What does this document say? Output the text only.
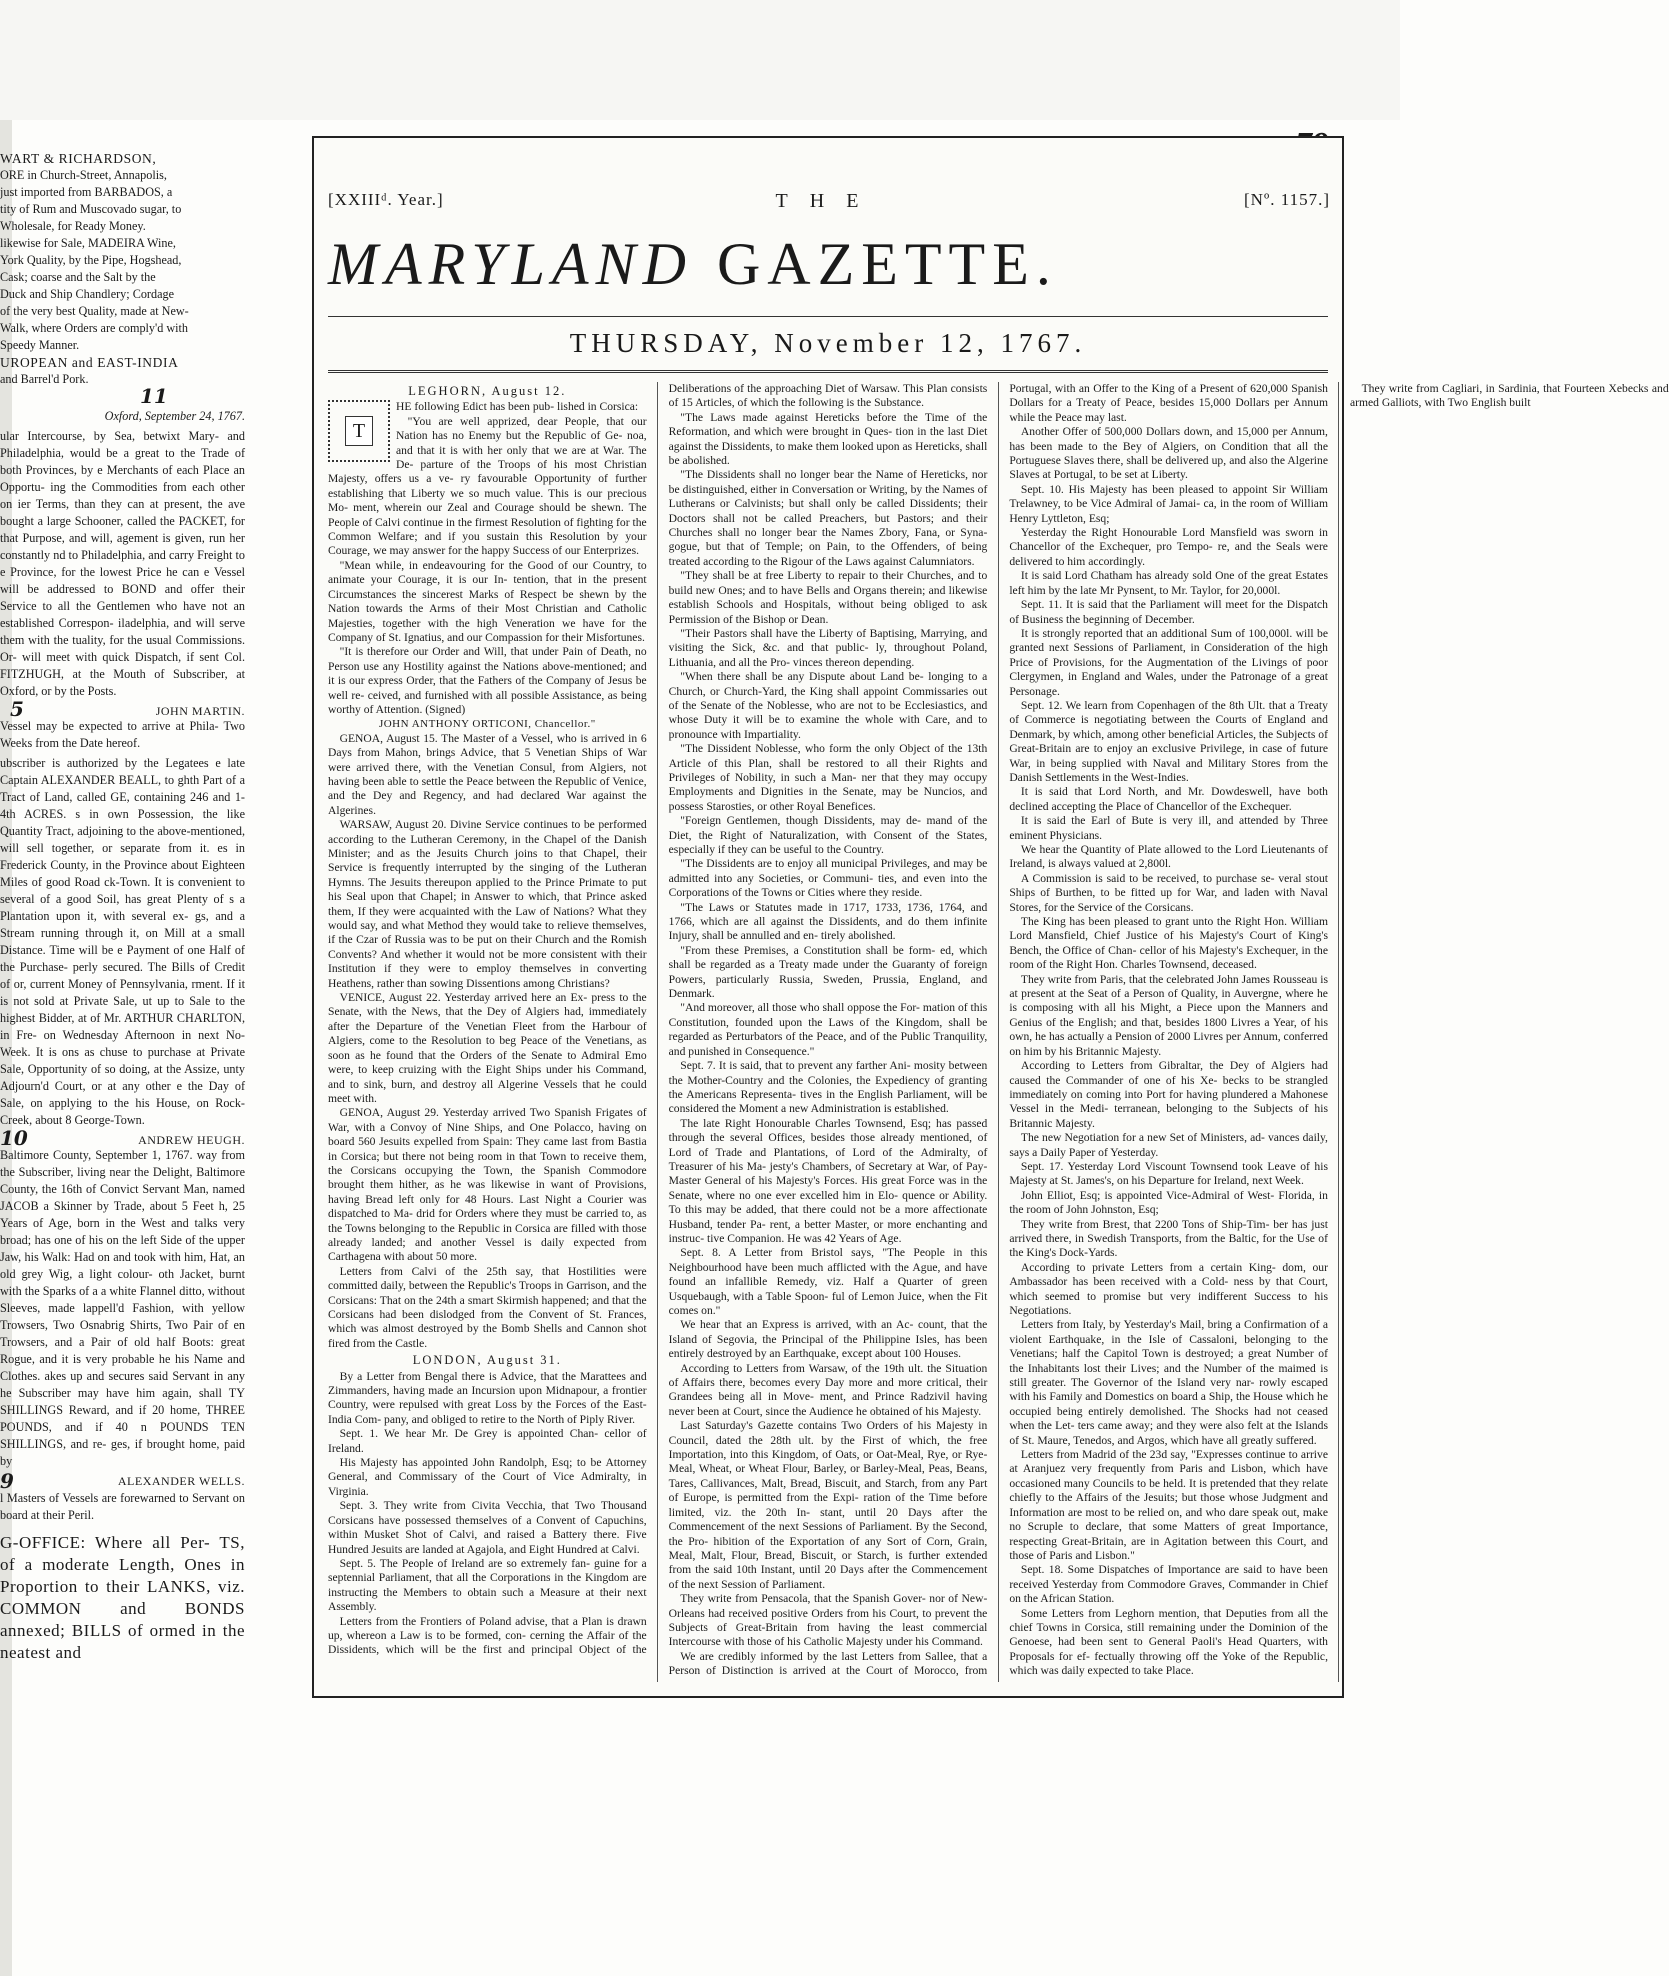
WART & RICHARDSON,

ORE in Church-Street, Annapolis,

just imported from BARBADOS, a

tity of Rum and Muscovado sugar, to

Wholesale, for Ready Money.

likewise for Sale, MADEIRA Wine,

York Quality, by the Pipe, Hogshead,

Cask; coarse and the Salt by the

Duck and Ship Chandlery; Cordage

of the very best Quality, made at New-

Walk, where Orders are comply'd with

Speedy Manner.

UROPEAN and EAST-INDIA

and Barrel'd Pork.

11

Oxford, September 24, 1767.

ular Intercourse, by Sea, betwixt Mary- and Philadelphia, would be a great to the Trade of both Provinces, by e Merchants of each Place an Opportu- ing the Commodities from each other on ier Terms, than they can at present, the ave bought a large Schooner, called the PACKET, for that Purpose, and will, agement is given, run her constantly nd to Philadelphia, and carry Freight to e Province, for the lowest Price he can e Vessel will be addressed to BOND and offer their Service to all the Gentlemen who have not an established Correspon- iladelphia, and will serve them with the tuality, for the usual Commissions. Or- will meet with quick Dispatch, if sent Col. FITZHUGH, at the Mouth of Subscriber, at Oxford, or by the Posts.

JOHN MARTIN.

5

Vessel may be expected to arrive at Phila- Two Weeks from the Date hereof.

ubscriber is authorized by the Legatees e late Captain ALEXANDER BEALL, to ghth Part of a Tract of Land, called GE, containing 246 and 1-4th ACRES. s in own Possession, the like Quantity Tract, adjoining to the above-mentioned, will sell together, or separate from it. es in Frederick County, in the Province about Eighteen Miles of good Road ck-Town. It is convenient to several of a good Soil, has great Plenty of s a Plantation upon it, with several ex- gs, and a Stream running through it, on Mill at a small Distance. Time will be e Payment of one Half of the Purchase- perly secured. The Bills of Credit of or, current Money of Pennsylvania, rment. If it is not sold at Private Sale, ut up to Sale to the highest Bidder, at of Mr. ARTHUR CHARLTON, in Fre- on Wednesday Afternoon in next No- Week. It is ons as chuse to purchase at Private Sale, Opportunity of so doing, at the Assize, unty Adjourn'd Court, or at any other e the Day of Sale, on applying to the his House, on Rock-Creek, about 8 George-Town.

ANDREW HEUGH.

10

Baltimore County, September 1, 1767. way from the Subscriber, living near the Delight, Baltimore County, the 16th of Convict Servant Man, named JACOB a Skinner by Trade, about 5 Feet h, 25 Years of Age, born in the West and talks very broad; has one of his on the left Side of the upper Jaw, his Walk: Had on and took with him, Hat, an old grey Wig, a light colour- oth Jacket, burnt with the Sparks of a a white Flannel ditto, without Sleeves, made lappell'd Fashion, with yellow Trowsers, Two Osnabrig Shirts, Two Pair of en Trowsers, and a Pair of old half Boots: great Rogue, and it is very probable he his Name and Clothes. akes up and secures said Servant in any he Subscriber may have him again, shall TY SHILLINGS Reward, and if 20 home, THREE POUNDS, and if 40 n POUNDS TEN SHILLINGS, and re- ges, if brought home, paid by

ALEXANDER WELLS.

9

l Masters of Vessels are forewarned to Servant on board at their Peril.

G-OFFICE: Where all Per- TS, of a moderate Length, Ones in Proportion to their LANKS, viz. COMMON and BONDS annexed; BILLS of ormed in the neatest and

[XXIIIᵈ. Year.]	THE	[Nº. 1157.]
MARYLAND GAZETTE.
THURSDAY, November 12, 1767.

LEGHORN, August 12.

T

HE following Edict has been pub- lished in Corsica:

"You are well apprized, dear People, that our Nation has no Enemy but the Republic of Ge- noa, and that it is with her only that we are at War. The De- parture of the Troops of his most Christian Majesty, offers us a ve- ry favourable Opportunity of further establishing that Liberty we so much value. This is our precious Mo- ment, wherein our Zeal and Courage should be shewn. The People of Calvi continue in the firmest Resolution of fighting for the Common Welfare; and if you sustain this Resolution by your Courage, we may answer for the happy Success of our Enterprizes.

"Mean while, in endeavouring for the Good of our Country, to animate your Courage, it is our In- tention, that in the present Circumstances the sincerest Marks of Respect be shewn by the Nation towards the Arms of their Most Christian and Catholic Majesties, together with the high Veneration we have for the Company of St. Ignatius, and our Compassion for their Misfortunes.

"It is therefore our Order and Will, that under Pain of Death, no Person use any Hostility against the Nations above-mentioned; and it is our express Order, that the Fathers of the Company of Jesus be well re- ceived, and furnished with all possible Assistance, as being worthy of Attention. (Signed)

JOHN ANTHONY ORTICONI, Chancellor."

GENOA, August 15. The Master of a Vessel, who is arrived in 6 Days from Mahon, brings Advice, that 5 Venetian Ships of War were arrived there, with the Venetian Consul, from Algiers, not having been able to settle the Peace between the Republic of Venice, and the Dey and Regency, and had declared War against the Algerines.

WARSAW, August 20. Divine Service continues to be performed according to the Lutheran Ceremony, in the Chapel of the Danish Minister; and as the Jesuits Church joins to that Chapel, their Service is frequently interrupted by the singing of the Lutheran Hymns. The Jesuits thereupon applied to the Prince Primate to put his Seal upon that Chapel; in Answer to which, that Prince asked them, If they were acquainted with the Law of Nations? What they would say, and what Method they would take to relieve themselves, if the Czar of Russia was to be put on their Church and the Romish Convents? And whether it would not be more consistent with their Institution if they were to employ themselves in converting Heathens, rather than sowing Dissentions among Christians?

VENICE, August 22. Yesterday arrived here an Ex- press to the Senate, with the News, that the Dey of Algiers had, immediately after the Departure of the Venetian Fleet from the Harbour of Algiers, come to the Resolution to beg Peace of the Venetians, as soon as he found that the Orders of the Senate to Admiral Emo were, to keep cruizing with the Eight Ships under his Command, and to sink, burn, and destroy all Algerine Vessels that he could meet with.

GENOA, August 29. Yesterday arrived Two Spanish Frigates of War, with a Convoy of Nine Ships, and One Polacco, having on board 560 Jesuits expelled from Spain: They came last from Bastia in Corsica; but there not being room in that Town to receive them, the Corsicans occupying the Town, the Spanish Commodore brought them hither, as he was likewise in want of Provisions, having Bread left only for 48 Hours. Last Night a Courier was dispatched to Ma- drid for Orders where they must be carried to, as the Towns belonging to the Republic in Corsica are filled with those already landed; and another Vessel is daily expected from Carthagena with about 50 more.

Letters from Calvi of the 25th say, that Hostilities were committed daily, between the Republic's Troops in Garrison, and the Corsicans: That on the 24th a smart Skirmish happened; and that the Corsicans had been dislodged from the Convent of St. Frances, which was almost destroyed by the Bomb Shells and Cannon shot fired from the Castle.

LONDON, August 31.

By a Letter from Bengal there is Advice, that the Marattees and Zimmanders, having made an Incursion upon Midnapour, a frontier Country, were repulsed with great Loss by the Forces of the East-India Com- pany, and obliged to retire to the North of Piply River.

Sept. 1. We hear Mr. De Grey is appointed Chan- cellor of Ireland.

His Majesty has appointed John Randolph, Esq; to be Attorney General, and Commissary of the Court of Vice Admiralty, in Virginia.

Sept. 3. They write from Civita Vecchia, that Two Thousand Corsicans have possessed themselves of a Convent of Capuchins, within Musket Shot of Calvi, and raised a Battery there. Five Hundred Jesuits are landed at Agajola, and Eight Hundred at Calvi.

Sept. 5. The People of Ireland are so extremely fan- guine for a septennial Parliament, that all the Corporations in the Kingdom are instructing the Members to obtain such a Measure at their next Assembly.

Letters from the Frontiers of Poland advise, that a Plan is drawn up, whereon a Law is to be formed, con- cerning the Affair of the Dissidents, which will be the first and principal Object of the Deliberations of the approaching Diet of Warsaw. This Plan consists of 15 Articles, of which the following is the Substance.

"The Laws made against Hereticks before the Time of the Reformation, and which were brought in Ques- tion in the last Diet against the Dissidents, to make them looked upon as Hereticks, shall be abolished.

"The Dissidents shall no longer bear the Name of Hereticks, nor be distinguished, either in Conversation or Writing, by the Names of Lutherans or Calvinists; but shall only be called Dissidents; their Doctors shall not be called Preachers, but Pastors; and their Churches shall no longer bear the Names Zbory, Fana, or Syna- gogue, but that of Temple; on Pain, to the Offenders, of being treated according to the Rigour of the Laws against Calumniators.

"They shall be at free Liberty to repair to their Churches, and to build new Ones; and to have Bells and Organs therein; and likewise establish Schools and Hospitals, without being obliged to ask Permission of the Bishop or Dean.

"Their Pastors shall have the Liberty of Baptising, Marrying, and visiting the Sick, &c. and that public- ly, throughout Poland, Lithuania, and all the Pro- vinces thereon depending.

"When there shall be any Dispute about Land be- longing to a Church, or Church-Yard, the King shall appoint Commissaries out of the Senate of the Noblesse, who are not to be Ecclesiastics, and whose Duty it will be to examine the whole with Care, and to pronounce with Impartiality.

"The Dissident Noblesse, who form the only Object of the 13th Article of this Plan, shall be restored to all their Rights and Privileges of Nobility, in such a Man- ner that they may occupy Employments and Dignities in the Senate, may be Nuncios, and possess Starosties, or other Royal Benefices.

"Foreign Gentlemen, though Dissidents, may de- mand of the Diet, the Right of Naturalization, with Consent of the States, especially if they can be useful to the Country.

"The Dissidents are to enjoy all municipal Privileges, and may be admitted into any Societies, or Communi- ties, and even into the Corporations of the Towns or Cities where they reside.

"The Laws or Statutes made in 1717, 1733, 1736, 1764, and 1766, which are all against the Dissidents, and do them infinite Injury, shall be annulled and en- tirely abolished.

"From these Premises, a Constitution shall be form- ed, which shall be regarded as a Treaty made under the Guaranty of foreign Powers, particularly Russia, Sweden, Prussia, England, and Denmark.

"And moreover, all those who shall oppose the For- mation of this Constitution, founded upon the Laws of the Kingdom, shall be regarded as Perturbators of the Peace, and of the Public Tranquility, and punished in Consequence."

Sept. 7. It is said, that to prevent any farther Ani- mosity between the Mother-Country and the Colonies, the Expediency of granting the Americans Representa- tives in the English Parliament, will be considered the Moment a new Administration is established.

The late Right Honourable Charles Townsend, Esq; has passed through the several Offices, besides those already mentioned, of Lord of Trade and Plantations, of Lord of the Admiralty, of Treasurer of his Ma- jesty's Chambers, of Secretary at War, of Pay-Master General of his Majesty's Forces. His great Force was in the Senate, where no one ever excelled him in Elo- quence or Ability. To this may be added, that there could not be a more affectionate Husband, tender Pa- rent, a better Master, or more enchanting and instruc- tive Companion. He was 42 Years of Age.

Sept. 8. A Letter from Bristol says, "The People in this Neighbourhood have been much afflicted with the Ague, and have found an infallible Remedy, viz. Half a Quarter of green Usquebaugh, with a Table Spoon- ful of Lemon Juice, when the Fit comes on."

We hear that an Express is arrived, with an Ac- count, that the Island of Segovia, the Principal of the Philippine Isles, has been entirely destroyed by an Earthquake, except about 100 Houses.

According to Letters from Warsaw, of the 19th ult. the Situation of Affairs there, becomes every Day more and more critical, their Grandees being all in Move- ment, and Prince Radzivil having never been at Court, since the Audience he obtained of his Majesty.

Last Saturday's Gazette contains Two Orders of his Majesty in Council, dated the 28th ult. by the First of which, the free Importation, into this Kingdom, of Oats, or Oat-Meal, Rye, or Rye-Meal, Wheat, or Wheat Flour, Barley, or Barley-Meal, Peas, Beans, Tares, Callivances, Malt, Bread, Biscuit, and Starch, from any Part of Europe, is permitted from the Expi- ration of the Time before limited, viz. the 20th In- stant, until 20 Days after the Commencement of the next Sessions of Parliament. By the Second, the Pro- hibition of the Exportation of any Sort of Corn, Grain, Meal, Malt, Flour, Bread, Biscuit, or Starch, is further extended from the said 10th Instant, until 20 Days after the Commencement of the next Session of Parliament.

They write from Pensacola, that the Spanish Gover- nor of New-Orleans had received positive Orders from his Court, to prevent the Subjects of Great-Britain from having the least commercial Intercourse with those of his Catholic Majesty under his Command.

We are credibly informed by the last Letters from Sallee, that a Person of Distinction is arrived at the Court of Morocco, from Portugal, with an Offer to the King of a Present of 620,000 Spanish Dollars for a Treaty of Peace, besides 15,000 Dollars per Annum while the Peace may last.

Another Offer of 500,000 Dollars down, and 15,000 per Annum, has been made to the Bey of Algiers, on Condition that all the Portuguese Slaves there, shall be delivered up, and also the Algerine Slaves at Portugal, to be set at Liberty.

Sept. 10. His Majesty has been pleased to appoint Sir William Trelawney, to be Vice Admiral of Jamai- ca, in the room of William Henry Lyttleton, Esq;

Yesterday the Right Honourable Lord Mansfield was sworn in Chancellor of the Exchequer, pro Tempo- re, and the Seals were delivered to him accordingly.

It is said Lord Chatham has already sold One of the great Estates left him by the late Mr Pynsent, to Mr. Taylor, for 20,000l.

Sept. 11. It is said that the Parliament will meet for the Dispatch of Business the beginning of December.

It is strongly reported that an additional Sum of 100,000l. will be granted next Sessions of Parliament, in Consideration of the high Price of Provisions, for the Augmentation of the Livings of poor Clergymen, in England and Wales, under the Patronage of a great Personage.

Sept. 12. We learn from Copenhagen of the 8th Ult. that a Treaty of Commerce is negotiating between the Courts of England and Denmark, by which, among other beneficial Articles, the Subjects of Great-Britain are to enjoy an exclusive Privilege, in case of future War, in being supplied with Naval and Military Stores from the Danish Settlements in the West-Indies.

It is said that Lord North, and Mr. Dowdeswell, have both declined accepting the Place of Chancellor of the Exchequer.

It is said the Earl of Bute is very ill, and attended by Three eminent Physicians.

We hear the Quantity of Plate allowed to the Lord Lieutenants of Ireland, is always valued at 2,800l.

A Commission is said to be received, to purchase se- veral stout Ships of Burthen, to be fitted up for War, and laden with Naval Stores, for the Service of the Corsicans.

The King has been pleased to grant unto the Right Hon. William Lord Mansfield, Chief Justice of his Majesty's Court of King's Bench, the Office of Chan- cellor of his Majesty's Exchequer, in the room of the Right Hon. Charles Townsend, deceased.

They write from Paris, that the celebrated John James Rousseau is at present at the Seat of a Person of Quality, in Auvergne, where he is composing with all his Might, a Piece upon the Manners and Genius of the English; and that, besides 1800 Livres a Year, of his own, he has actually a Pension of 2000 Livres per Annum, conferred on him by his Britannic Majesty.

According to Letters from Gibraltar, the Dey of Algiers had caused the Commander of one of his Xe- becks to be strangled immediately on coming into Port for having plundered a Mahonese Vessel in the Medi- terranean, belonging to the Subjects of his Britannic Majesty.

The new Negotiation for a new Set of Ministers, ad- vances daily, says a Daily Paper of Yesterday.

Sept. 17. Yesterday Lord Viscount Townsend took Leave of his Majesty at St. James's, on his Departure for Ireland, next Week.

John Elliot, Esq; is appointed Vice-Admiral of West- Florida, in the room of John Johnston, Esq;

They write from Brest, that 2200 Tons of Ship-Tim- ber has just arrived there, in Swedish Transports, from the Baltic, for the Use of the King's Dock-Yards.

According to private Letters from a certain King- dom, our Ambassador has been received with a Cold- ness by that Court, which seemed to promise but very indifferent Success to his Negotiations.

Letters from Italy, by Yesterday's Mail, bring a Confirmation of a violent Earthquake, in the Isle of Cassaloni, belonging to the Venetians; half the Capitol Town is destroyed; a great Number of the Inhabitants lost their Lives; and the Number of the maimed is still greater. The Governor of the Island very nar- rowly escaped with his Family and Domestics on board a Ship, the House which he occupied being entirely demolished. The Shocks had not ceased when the Let- ters came away; and they were also felt at the Islands of St. Maure, Tenedos, and Argos, which have all greatly suffered.

Letters from Madrid of the 23d say, "Expresses continue to arrive at Aranjuez very frequently from Paris and Lisbon, which have occasioned many Councils to be held. It is pretended that they relate chiefly to the Affairs of the Jesuits; but those whose Judgment and Information are most to be relied on, and who dare speak out, make no Scruple to declare, that some Matters of great Importance, respecting Great-Britain, are in Agitation between this Court, and those of Paris and Lisbon."

Sept. 18. Some Dispatches of Importance are said to have been received Yesterday from Commodore Graves, Commander in Chief on the African Station.

Some Letters from Leghorn mention, that Deputies from all the chief Towns in Corsica, still remaining under the Dominion of the Genoese, had been sent to General Paoli's Head Quarters, with Proposals for ef- fectually throwing off the Yoke of the Republic, which was daily expected to take Place.

They write from Cagliari, in Sardinia, that Fourteen Xebecks and armed Galliots, with Two English built
